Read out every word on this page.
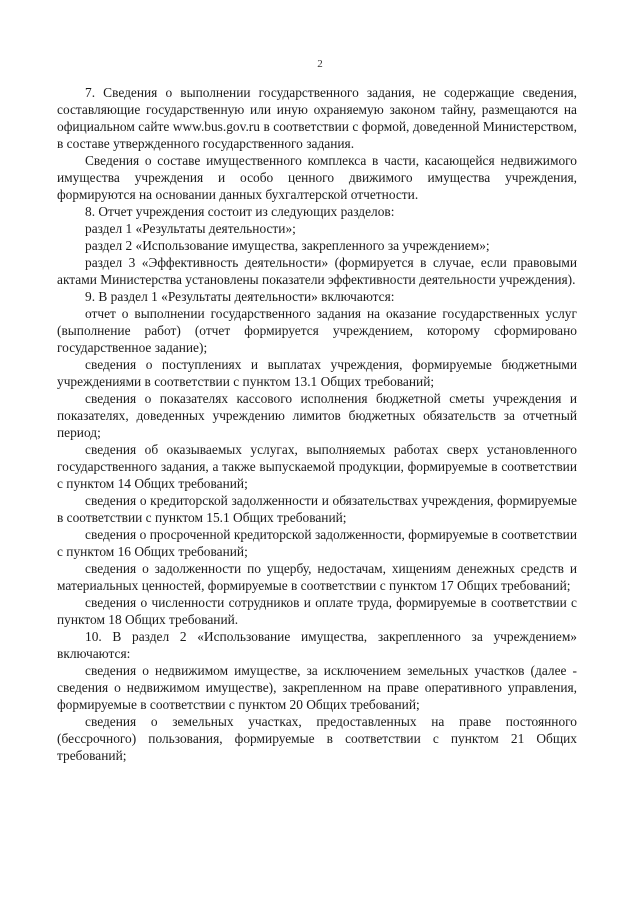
2

7. Сведения о выполнении государственного задания, не содержащие сведения, составляющие государственную или иную охраняемую законом тайну, размещаются на официальном сайте www.bus.gov.ru в соответствии с формой, доведенной Министерством, в составе утвержденного государственного задания.

Сведения о составе имущественного комплекса в части, касающейся недвижимого имущества учреждения и особо ценного движимого имущества учреждения, формируются на основании данных бухгалтерской отчетности.

8. Отчет учреждения состоит из следующих разделов:

раздел 1 «Результаты деятельности»;

раздел 2 «Использование имущества, закрепленного за учреждением»;

раздел 3 «Эффективность деятельности» (формируется в случае, если правовыми актами Министерства установлены показатели эффективности деятельности учреждения).

9. В раздел 1 «Результаты деятельности» включаются:

отчет о выполнении государственного задания на оказание государственных услуг (выполнение работ) (отчет формируется учреждением, которому сформировано государственное задание);

сведения о поступлениях и выплатах учреждения, формируемые бюджетными учреждениями в соответствии с пунктом 13.1 Общих требований;

сведения о показателях кассового исполнения бюджетной сметы учреждения и показателях, доведенных учреждению лимитов бюджетных обязательств за отчетный период;

сведения об оказываемых услугах, выполняемых работах сверх установленного государственного задания, а также выпускаемой продукции, формируемые в соответствии с пунктом 14 Общих требований;

сведения о кредиторской задолженности и обязательствах учреждения, формируемые в соответствии с пунктом 15.1 Общих требований;

сведения о просроченной кредиторской задолженности, формируемые в соответствии с пунктом 16 Общих требований;

сведения о задолженности по ущербу, недостачам, хищениям денежных средств и материальных ценностей, формируемые в соответствии с пунктом 17 Общих требований;

сведения о численности сотрудников и оплате труда, формируемые в соответствии с пунктом 18 Общих требований.

10. В раздел 2 «Использование имущества, закрепленного за учреждением» включаются:

сведения о недвижимом имуществе, за исключением земельных участков (далее - сведения о недвижимом имуществе), закрепленном на праве оперативного управления, формируемые в соответствии с пунктом 20 Общих требований;

сведения о земельных участках, предоставленных на праве постоянного (бессрочного) пользования, формируемые в соответствии с пунктом 21 Общих требований;
